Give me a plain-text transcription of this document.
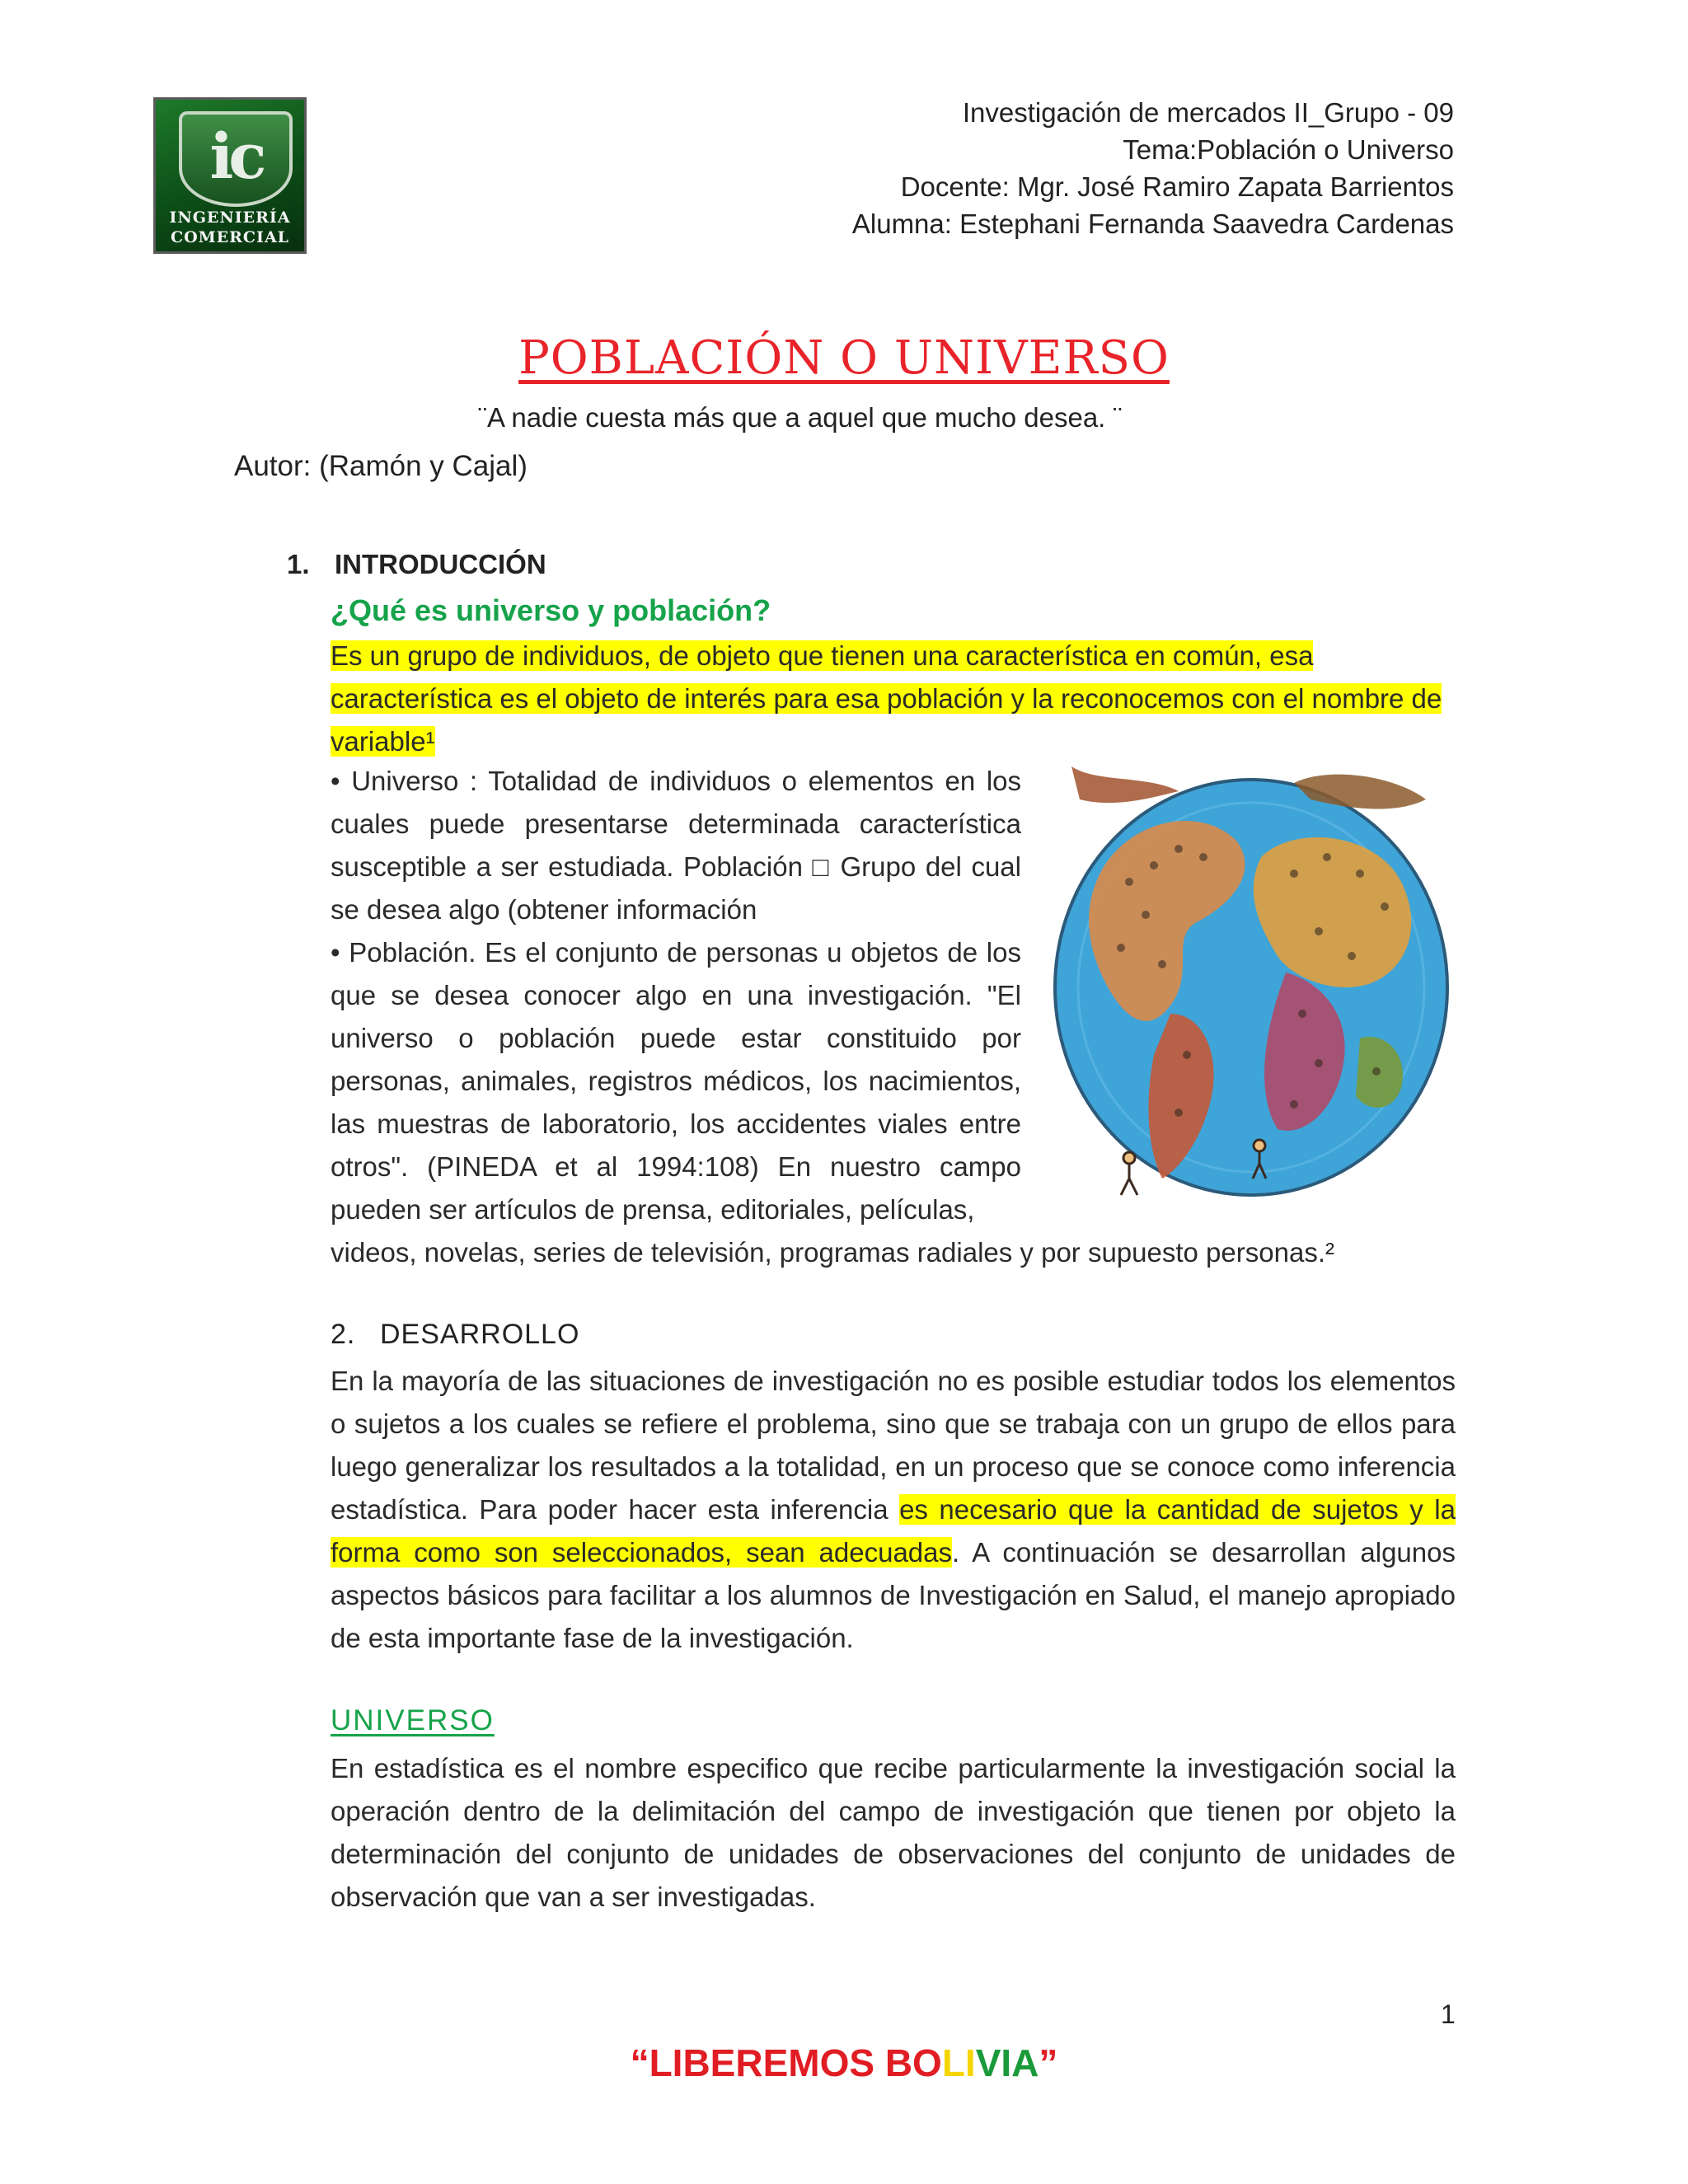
ic
INGENIERÍA
COMERCIAL
Investigación de mercados II_Grupo - 09
Tema:Población o Universo
Docente: Mgr. José Ramiro Zapata Barrientos
Alumna: Estephani Fernanda Saavedra Cardenas
POBLACIÓN O UNIVERSO
¨A nadie cuesta más que a aquel que mucho desea. ¨
Autor: (Ramón y Cajal)
1. INTRODUCCIÓN
¿Qué es universo y población?
Es un grupo de individuos, de objeto que tienen una característica en común, esa característica es el objeto de interés para esa población y la reconocemos con el nombre de variable¹
• Universo : Totalidad de individuos o elementos en los cuales puede presentarse determinada característica susceptible a ser estudiada. Población □ Grupo del cual se desea algo (obtener información
• Población. Es el conjunto de personas u objetos de los que se desea conocer algo en una investigación. "El universo o población puede estar constituido por personas, animales, registros médicos, los nacimientos, las muestras de laboratorio, los accidentes viales entre otros". (PINEDA et al 1994:108) En nuestro campo pueden ser artículos de prensa, editoriales, películas,
videos, novelas, series de televisión, programas radiales y por supuesto personas.²
2. DESARROLLO
En la mayoría de las situaciones de investigación no es posible estudiar todos los elementos o sujetos a los cuales se refiere el problema, sino que se trabaja con un grupo de ellos para luego generalizar los resultados a la totalidad, en un proceso que se conoce como inferencia estadística. Para poder hacer esta inferencia es necesario que la cantidad de sujetos y la forma como son seleccionados, sean adecuadas. A continuación se desarrollan algunos aspectos básicos para facilitar a los alumnos de Investigación en Salud, el manejo apropiado de esta importante fase de la investigación.
UNIVERSO
En estadística es el nombre especifico que recibe particularmente la investigación social la operación dentro de la delimitación del campo de investigación que tienen por objeto la determinación del conjunto de unidades de observaciones del conjunto de unidades de observación que van a ser investigadas.
1
“LIBEREMOS BOLIVIA”
